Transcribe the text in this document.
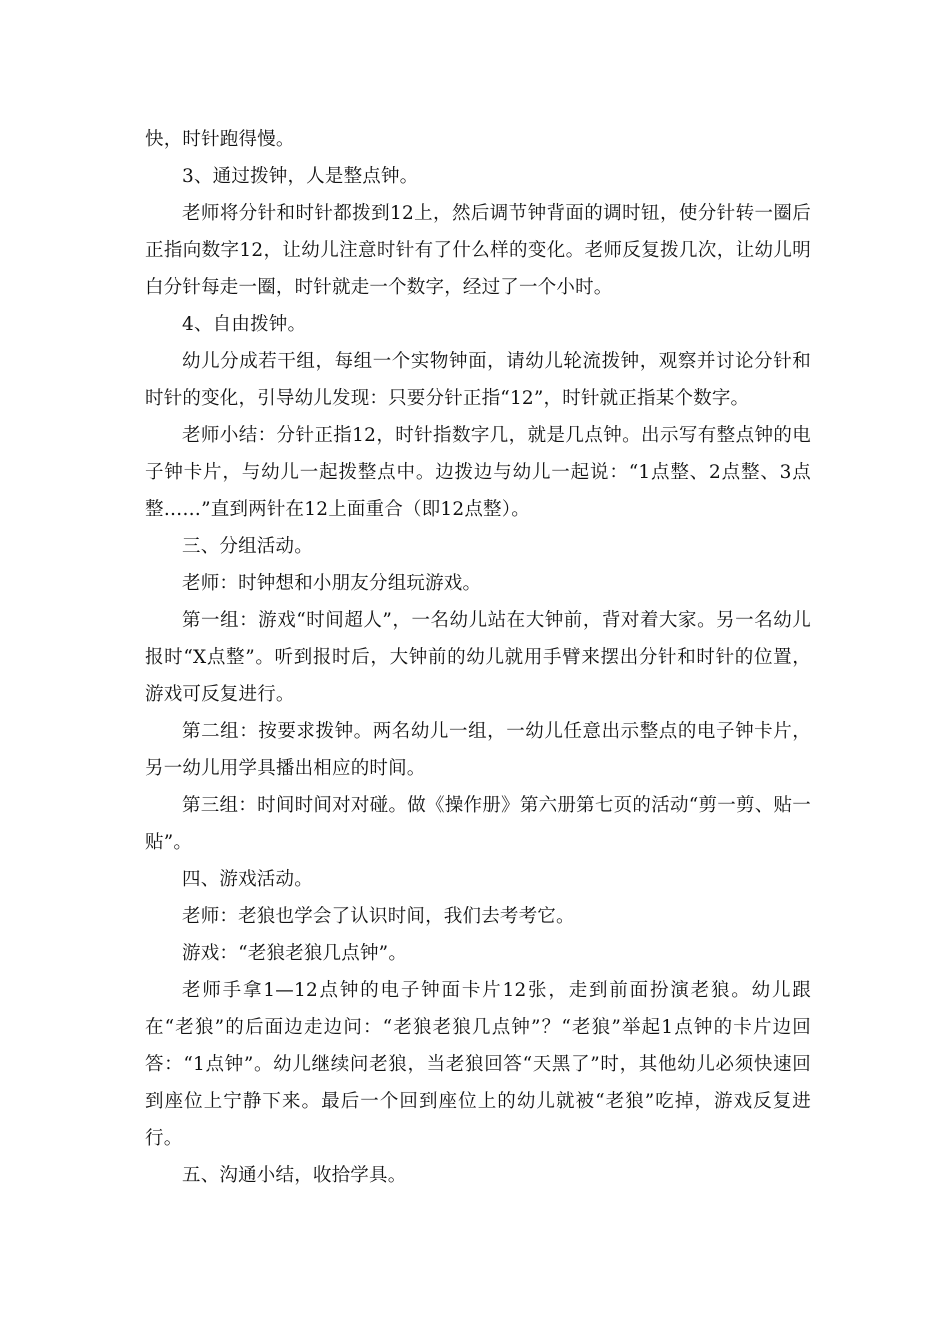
快，时针跑得慢。

3、通过拨钟，人是整点钟。

老师将分针和时针都拨到12上，然后调节钟背面的调时钮，使分针转一圈后正指向数字12，让幼儿注意时针有了什么样的变化。老师反复拨几次，让幼儿明白分针每走一圈，时针就走一个数字，经过了一个小时。

4、自由拨钟。

幼儿分成若干组，每组一个实物钟面，请幼儿轮流拨钟，观察并讨论分针和时针的变化，引导幼儿发现：只要分针正指“12”，时针就正指某个数字。

老师小结：分针正指12，时针指数字几，就是几点钟。出示写有整点钟的电子钟卡片，与幼儿一起拨整点中。边拨边与幼儿一起说：“1点整、2点整、3点整……”直到两针在12上面重合（即12点整）。

三、分组活动。

老师：时钟想和小朋友分组玩游戏。

第一组：游戏“时间超人”，一名幼儿站在大钟前，背对着大家。另一名幼儿报时“X点整”。听到报时后，大钟前的幼儿就用手臂来摆出分针和时针的位置，游戏可反复进行。

第二组：按要求拨钟。两名幼儿一组，一幼儿任意出示整点的电子钟卡片，另一幼儿用学具播出相应的时间。

第三组：时间时间对对碰。做《操作册》第六册第七页的活动“剪一剪、贴一贴”。

四、游戏活动。

老师：老狼也学会了认识时间，我们去考考它。

游戏：“老狼老狼几点钟”。

老师手拿1—12点钟的电子钟面卡片12张，走到前面扮演老狼。幼儿跟在“老狼”的后面边走边问：“老狼老狼几点钟”？“老狼”举起1点钟的卡片边回答：“1点钟”。幼儿继续问老狼，当老狼回答“天黑了”时，其他幼儿必须快速回到座位上宁静下来。最后一个回到座位上的幼儿就被“老狼”吃掉，游戏反复进行。

五、沟通小结，收拾学具。
